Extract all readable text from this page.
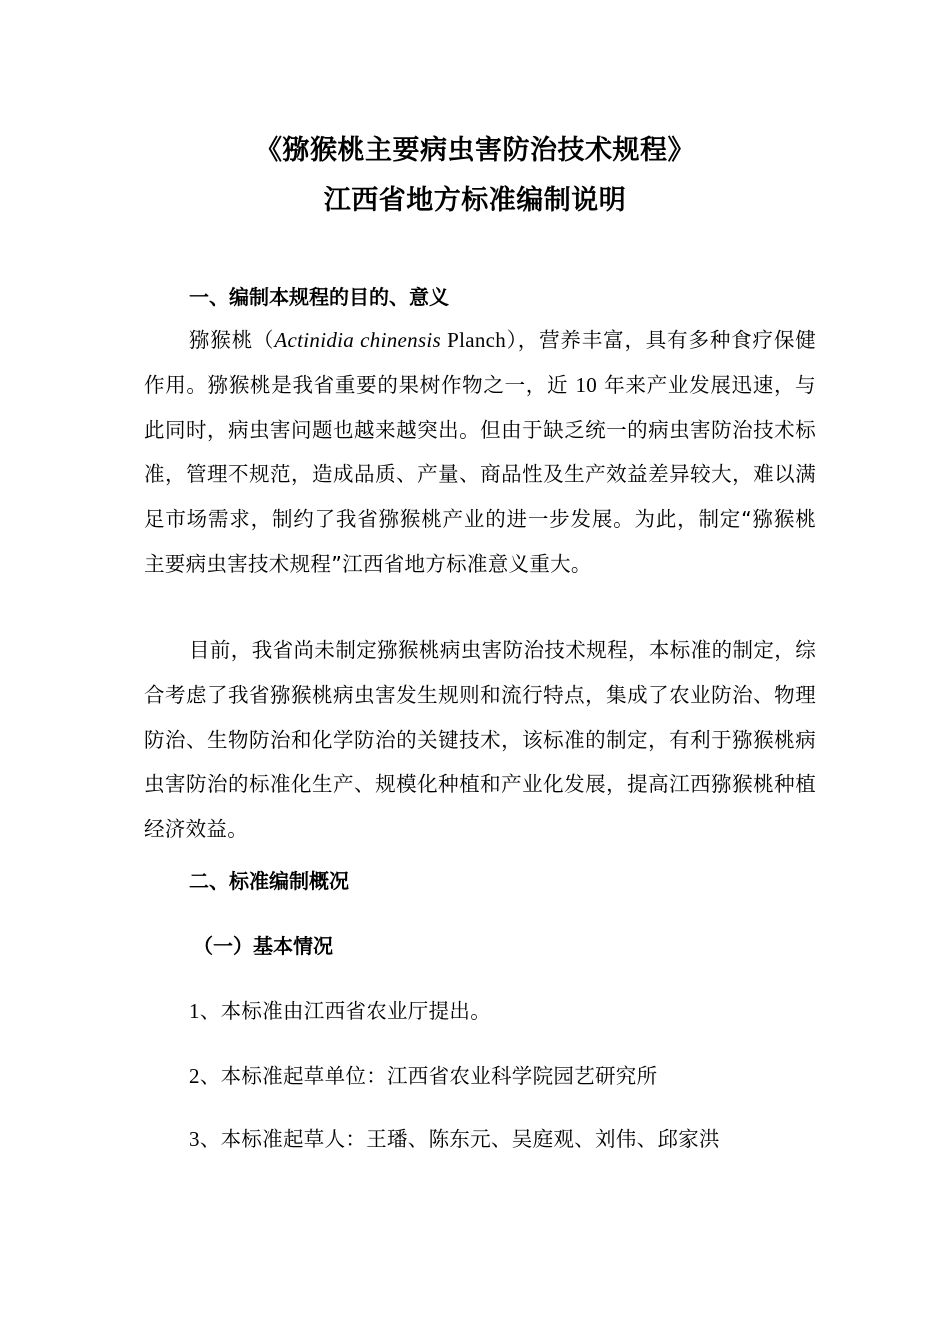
《猕猴桃主要病虫害防治技术规程》
江西省地方标准编制说明
一、编制本规程的目的、意义
猕猴桃（Actinidia chinensis Planch），营养丰富，具有多种食疗保健作用。猕猴桃是我省重要的果树作物之一，近 10 年来产业发展迅速，与此同时，病虫害问题也越来越突出。但由于缺乏统一的病虫害防治技术标准，管理不规范，造成品质、产量、商品性及生产效益差异较大，难以满足市场需求，制约了我省猕猴桃产业的进一步发展。为此，制定“猕猴桃主要病虫害技术规程”江西省地方标准意义重大。
目前，我省尚未制定猕猴桃病虫害防治技术规程，本标准的制定，综合考虑了我省猕猴桃病虫害发生规则和流行特点，集成了农业防治、物理防治、生物防治和化学防治的关键技术，该标准的制定，有利于猕猴桃病虫害防治的标准化生产、规模化种植和产业化发展，提高江西猕猴桃种植经济效益。
二、标准编制概况
（一）基本情况
1、本标准由江西省农业厅提出。
2、本标准起草单位：江西省农业科学院园艺研究所
3、本标准起草人：王璠、陈东元、吴庭观、刘伟、邱家洪
